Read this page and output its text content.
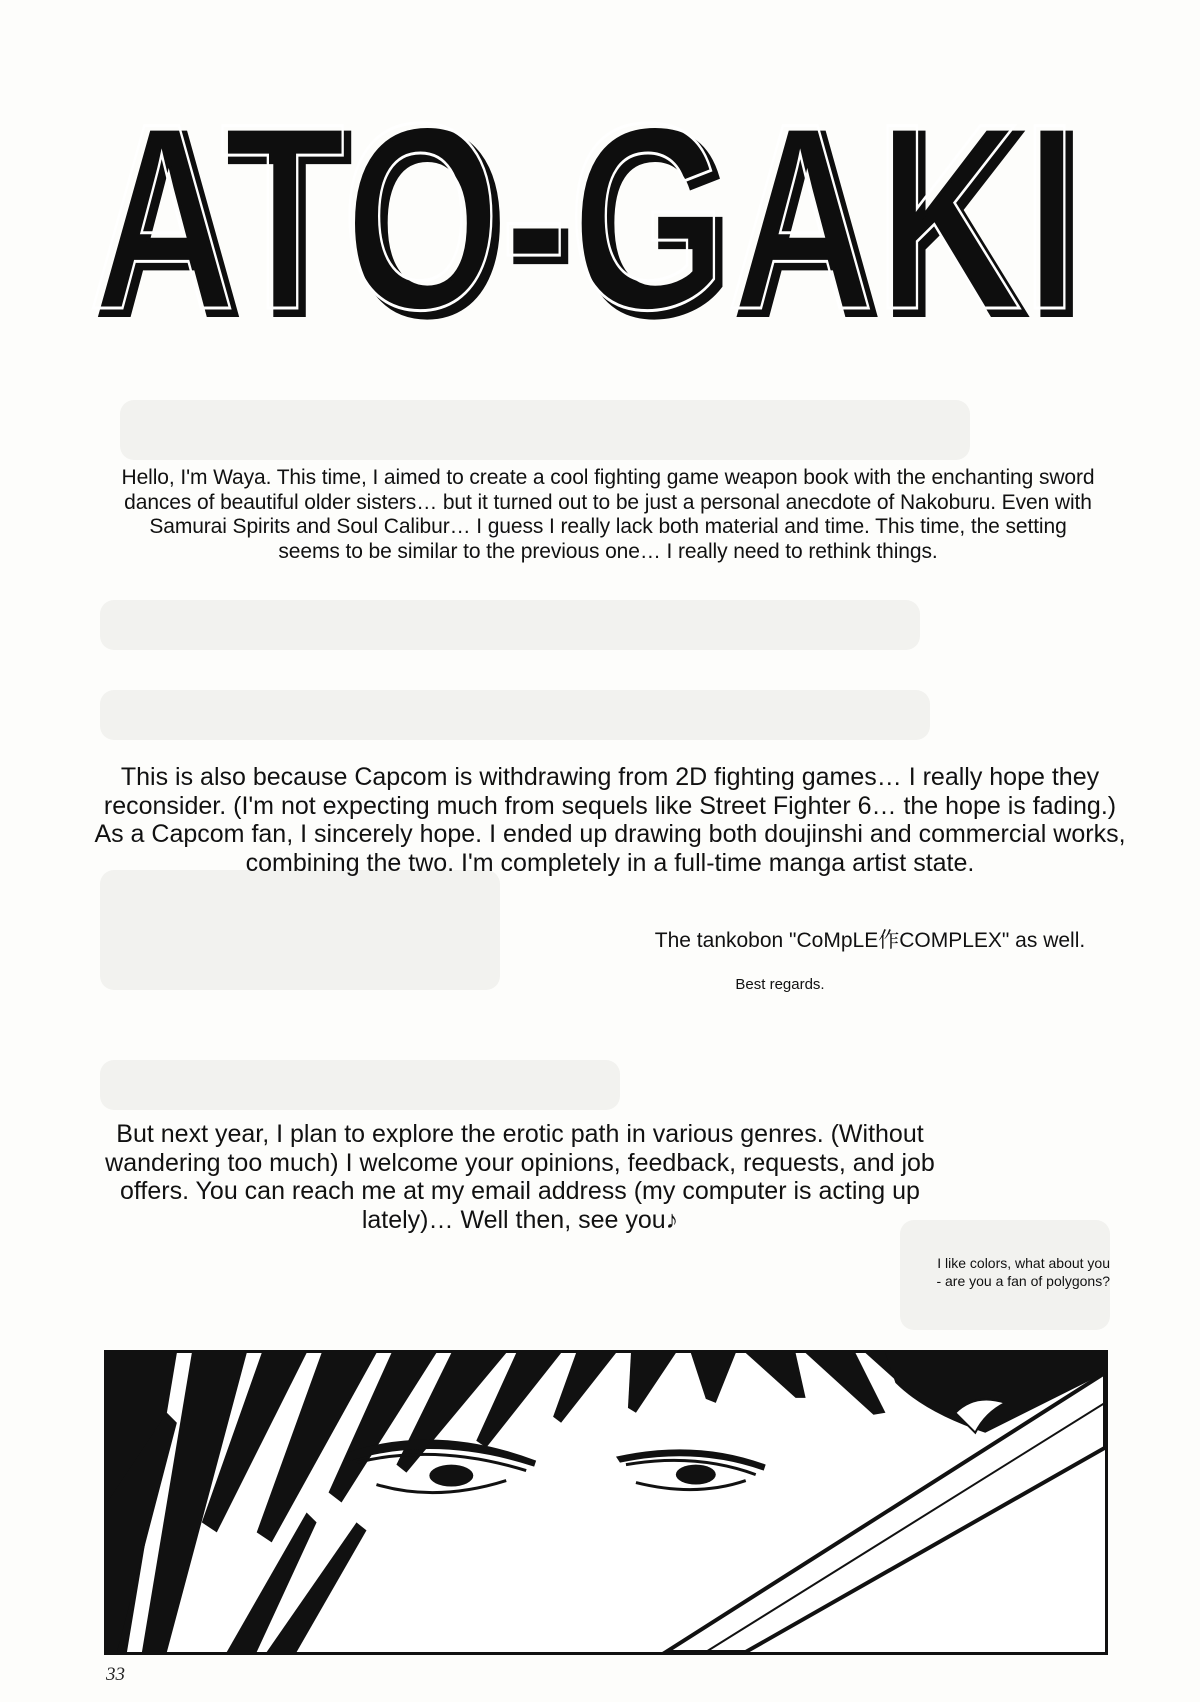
ATO-GAKI
ATO-GAKI

Hello, I'm Waya. This time, I aimed to create a cool fighting game weapon book with the enchanting sword dances of beautiful older sisters… but it turned out to be just a personal anecdote of Nakoburu. Even with Samurai Spirits and Soul Calibur… I guess I really lack both material and time. This time, the setting seems to be similar to the previous one… I really need to rethink things.

This is also because Capcom is withdrawing from 2D fighting games… I really hope they reconsider. (I'm not expecting much from sequels like Street Fighter 6… the hope is fading.) As a Capcom fan, I sincerely hope. I ended up drawing both doujinshi and commercial works, combining the two. I'm completely in a full-time manga artist state.

The tankobon "CoMpLE作COMPLEX" as well.

Best regards.

But next year, I plan to explore the erotic path in various genres. (Without wandering too much) I welcome your opinions, feedback, requests, and job offers. You can reach me at my email address (my computer is acting up lately)… Well then, see you♪

I like colors, what about you
- are you a fan of polygons?
33
